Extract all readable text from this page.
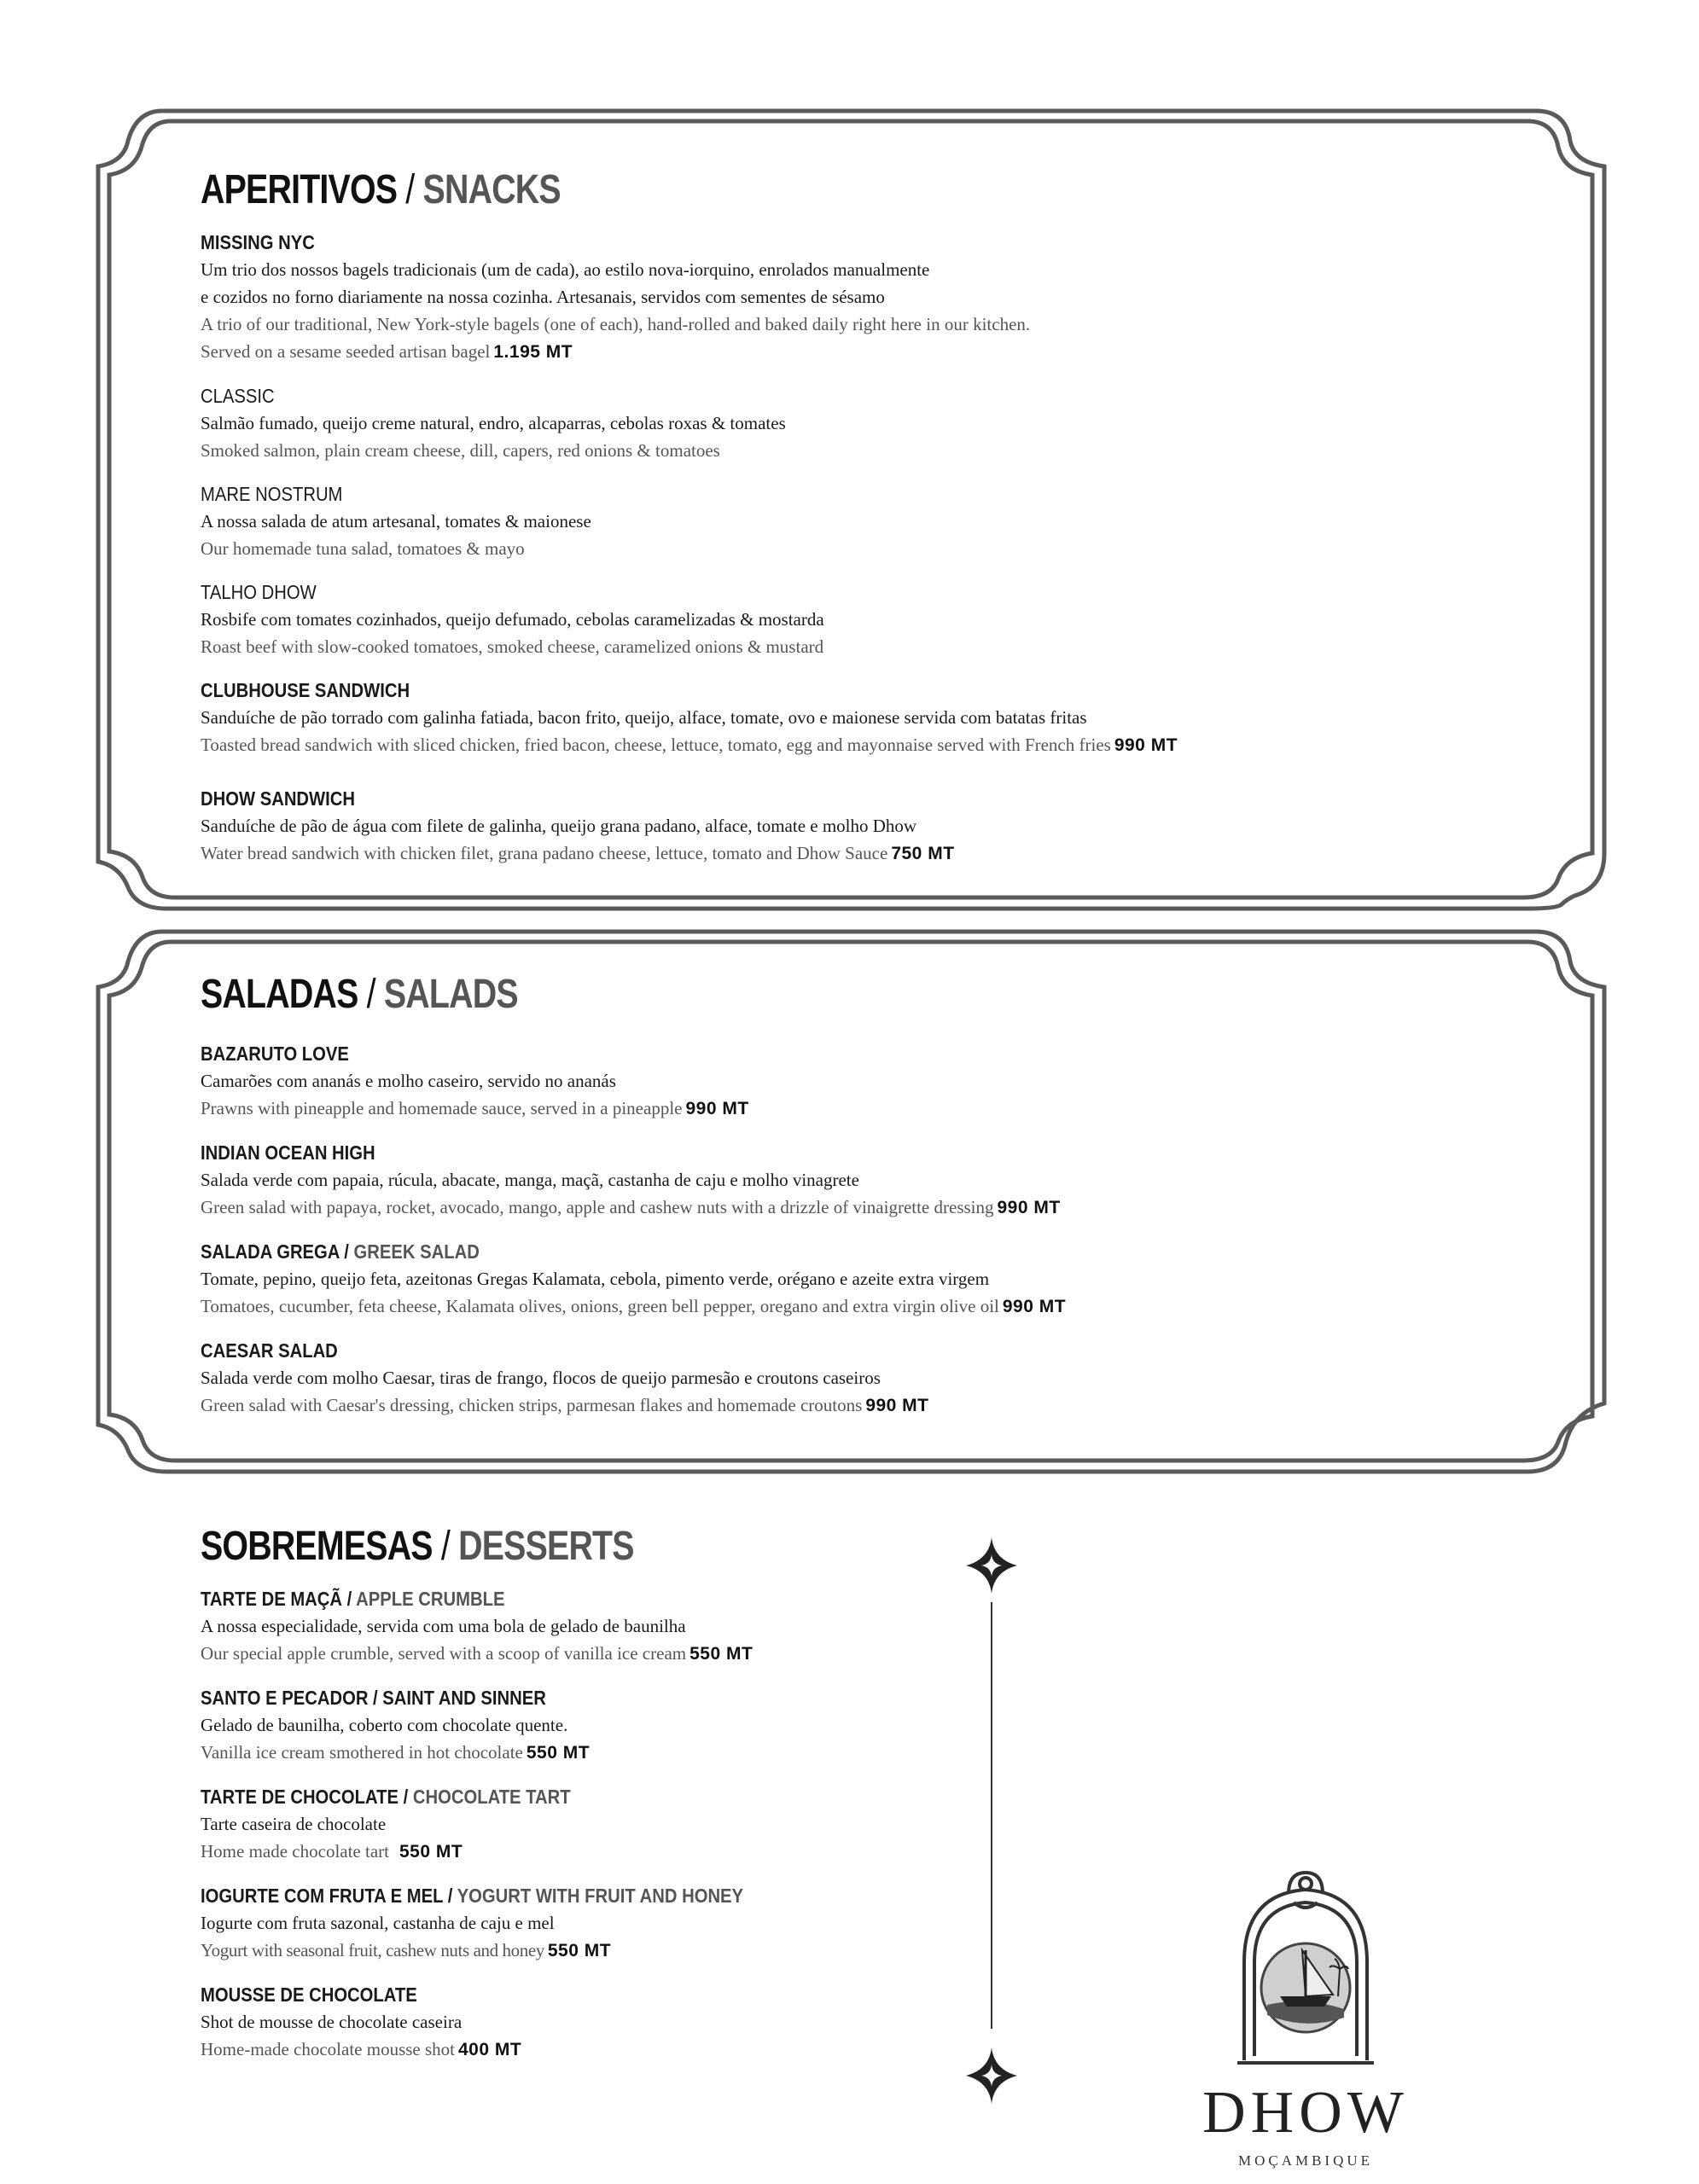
APERITIVOS / SNACKS
MISSING NYC
Um trio dos nossos bagels tradicionais (um de cada), ao estilo nova-iorquino, enrolados manualmente
e cozidos no forno diariamente na nossa cozinha. Artesanais, servidos com sementes de sésamo
A trio of our traditional, New York-style bagels (one of each), hand-rolled and baked daily right here in our kitchen.
Served on a sesame seeded artisan bagel 1.195 MT
CLASSIC
Salmão fumado, queijo creme natural, endro, alcaparras, cebolas roxas & tomates
Smoked salmon, plain cream cheese, dill, capers, red onions & tomatoes
MARE NOSTRUM
A nossa salada de atum artesanal, tomates & maionese
Our homemade tuna salad, tomatoes & mayo
TALHO DHOW
Rosbife com tomates cozinhados, queijo defumado, cebolas caramelizadas & mostarda
Roast beef with slow-cooked tomatoes, smoked cheese, caramelized onions & mustard
CLUBHOUSE SANDWICH
Sanduíche de pão torrado com galinha fatiada, bacon frito, queijo, alface, tomate, ovo e maionese servida com batatas fritas
Toasted bread sandwich with sliced chicken, fried bacon, cheese, lettuce, tomato, egg and mayonnaise served with French fries 990 MT
DHOW SANDWICH
Sanduíche de pão de água com filete de galinha, queijo grana padano, alface, tomate e molho Dhow
Water bread sandwich with chicken filet, grana padano cheese, lettuce, tomato and Dhow Sauce 750 MT
SALADAS / SALADS
BAZARUTO LOVE
Camarões com ananás e molho caseiro, servido no ananás
Prawns with pineapple and homemade sauce, served in a pineapple 990 MT
INDIAN OCEAN HIGH
Salada verde com papaia, rúcula, abacate, manga, maçã, castanha de caju e molho vinagrete
Green salad with papaya, rocket, avocado, mango, apple and cashew nuts with a drizzle of vinaigrette dressing 990 MT
SALADA GREGA / GREEK SALAD
Tomate, pepino, queijo feta, azeitonas Gregas Kalamata, cebola, pimento verde, orégano e azeite extra virgem
Tomatoes, cucumber, feta cheese, Kalamata olives, onions, green bell pepper, oregano and extra virgin olive oil 990 MT
CAESAR SALAD
Salada verde com molho Caesar, tiras de frango, flocos de queijo parmesão e croutons caseiros
Green salad with Caesar's dressing, chicken strips, parmesan flakes and homemade croutons 990 MT
SOBREMESAS / DESSERTS
TARTE DE MAÇÃ / APPLE CRUMBLE
A nossa especialidade, servida com uma bola de gelado de baunilha
Our special apple crumble, served with a scoop of vanilla ice cream 550 MT
SANTO E PECADOR / SAINT AND SINNER
Gelado de baunilha, coberto com chocolate quente.
Vanilla ice cream smothered in hot chocolate 550 MT
TARTE DE CHOCOLATE / CHOCOLATE TART
Tarte caseira de chocolate
Home made chocolate tart 550 MT
IOGURTE COM FRUTA E MEL / YOGURT WITH FRUIT AND HONEY
Iogurte com fruta sazonal, castanha de caju e mel
Yogurt with seasonal fruit, cashew nuts and honey 550 MT
MOUSSE DE CHOCOLATE
Shot de mousse de chocolate caseira
Home-made chocolate mousse shot 400 MT
DHOW
MOÇAMBIQUE
